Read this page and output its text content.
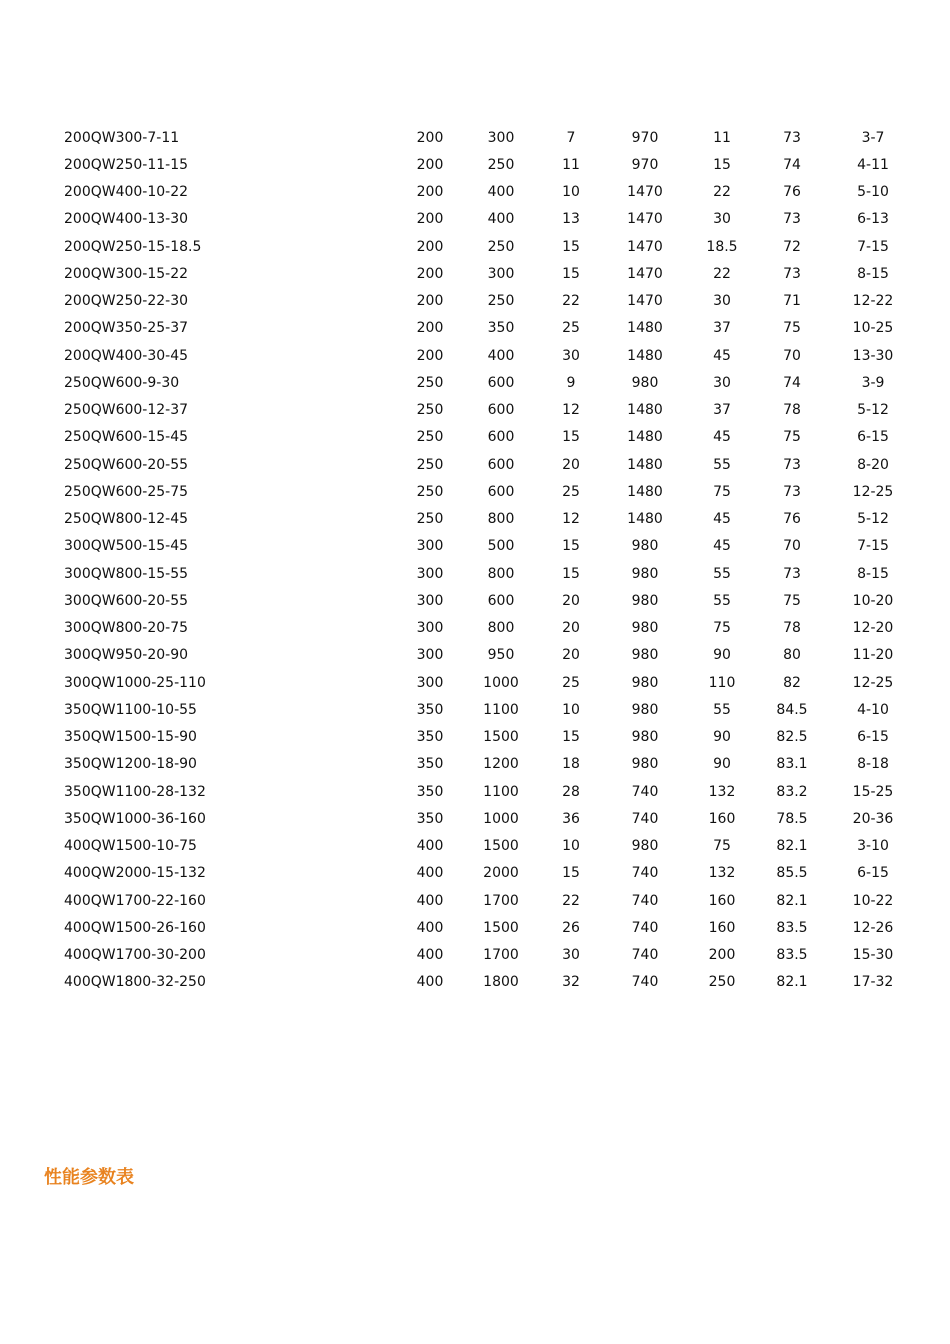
200QW300-7-11	200	300	7	970	11	73	3-7
200QW250-11-15	200	250	11	970	15	74	4-11
200QW400-10-22	200	400	10	1470	22	76	5-10
200QW400-13-30	200	400	13	1470	30	73	6-13
200QW250-15-18.5	200	250	15	1470	18.5	72	7-15
200QW300-15-22	200	300	15	1470	22	73	8-15
200QW250-22-30	200	250	22	1470	30	71	12-22
200QW350-25-37	200	350	25	1480	37	75	10-25
200QW400-30-45	200	400	30	1480	45	70	13-30
250QW600-9-30	250	600	9	980	30	74	3-9
250QW600-12-37	250	600	12	1480	37	78	5-12
250QW600-15-45	250	600	15	1480	45	75	6-15
250QW600-20-55	250	600	20	1480	55	73	8-20
250QW600-25-75	250	600	25	1480	75	73	12-25
250QW800-12-45	250	800	12	1480	45	76	5-12
300QW500-15-45	300	500	15	980	45	70	7-15
300QW800-15-55	300	800	15	980	55	73	8-15
300QW600-20-55	300	600	20	980	55	75	10-20
300QW800-20-75	300	800	20	980	75	78	12-20
300QW950-20-90	300	950	20	980	90	80	11-20
300QW1000-25-110	300	1000	25	980	110	82	12-25
350QW1100-10-55	350	1100	10	980	55	84.5	4-10
350QW1500-15-90	350	1500	15	980	90	82.5	6-15
350QW1200-18-90	350	1200	18	980	90	83.1	8-18
350QW1100-28-132	350	1100	28	740	132	83.2	15-25
350QW1000-36-160	350	1000	36	740	160	78.5	20-36
400QW1500-10-75	400	1500	10	980	75	82.1	3-10
400QW2000-15-132	400	2000	15	740	132	85.5	6-15
400QW1700-22-160	400	1700	22	740	160	82.1	10-22
400QW1500-26-160	400	1500	26	740	160	83.5	12-26
400QW1700-30-200	400	1700	30	740	200	83.5	15-30
400QW1800-32-250	400	1800	32	740	250	82.1	17-32
性能参数表
